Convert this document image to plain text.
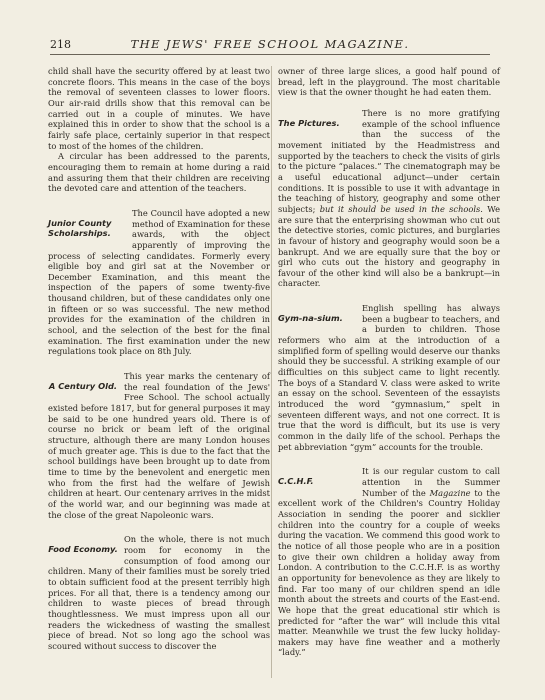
218	THE JEWS' FREE SCHOOL MAGAZINE.

child shall have the security offered by at least two concrete floors. This means in the case of the boys the removal of seventeen classes to lower floors. Our air-raid drills show that this removal can be carried out in a couple of minutes. We have explained this in order to show that the school is a fairly safe place, certainly superior in that respect to most of the homes of the children.

A circular has been addressed to the parents, encouraging them to remain at home during a raid and assuring them that their children are receiving the devoted care and attention of the teachers.

Junior County Scholarships.

The Council have adopted a new method of Examination for these awards, with the object apparently of improving the process of selecting candidates. Formerly every eligible boy and girl sat at the November or December Examination, and this meant the inspection of the papers of some twenty-five thousand children, but of these candidates only one in fifteen or so was successful. The new method provides for the examination of the children in school, and the selection of the best for the final examination. The first examination under the new regulations took place on 8th July.

A Century Old.

This year marks the centenary of the real foundation of the Jews' Free School. The school actually existed before 1817, but for general purposes it may be said to be one hundred years old. There is of course no brick or beam left of the original structure, although there are many London houses of much greater age. This is due to the fact that the school buildings have been brought up to date from time to time by the benevolent and energetic men who from the first had the welfare of Jewish children at heart. Our centenary arrives in the midst of the world war, and our beginning was made at the close of the great Napoleonic wars.

Food Economy.

On the whole, there is not much room for economy in the consumption of food among our children. Many of their families must be sorely tried to obtain sufficient food at the present terribly high prices. For all that, there is a tendency among our children to waste pieces of bread through thoughtlessness. We must impress upon all our readers the wickedness of wasting the smallest piece of bread. Not so long ago the school was scoured without success to discover the

owner of three large slices, a good half pound of bread, left in the playground. The most charitable view is that the owner thought he had eaten them.

The Pictures.

There is no more gratifying example of the school influence than the success of the movement initiated by the Headmistress and supported by the teachers to check the visits of girls to the picture “palaces.” The cinematograph may be a useful educational adjunct—under certain conditions. It is possible to use it with advantage in the teaching of history, geography and some other subjects; but it should be used in the schools. We are sure that the enterprising showman who cut out the detective stories, comic pictures, and burglaries in favour of history and geography would soon be a bankrupt. And we are equally sure that the boy or girl who cuts out the history and geography in favour of the other kind will also be a bankrupt—in character.

Gym-na-sium.

English spelling has always been a bugbear to teachers, and a burden to children. Those reformers who aim at the introduction of a simplified form of spelling would deserve our thanks should they be successful. A striking example of our difficulties on this subject came to light recently. The boys of a Standard V. class were asked to write an essay on the school. Seventeen of the essayists introduced the word “gymnasium,” spelt in seventeen different ways, and not one correct. It is true that the word is difficult, but its use is very common in the daily life of the school. Perhaps the pet abbreviation “gym” accounts for the trouble.

C.C.H.F.

It is our regular custom to call attention in the Summer Number of the Magazine to the excellent work of the Children's Country Holiday Association in sending the poorer and sicklier children into the country for a couple of weeks during the vacation. We commend this good work to the notice of all those people who are in a position to give their own children a holiday away from London. A contribution to the C.C.H.F. is as worthy an opportunity for benevolence as they are likely to find. Far too many of our children spend an idle month about the streets and courts of the East-end. We hope that the great educational stir which is predicted for “after the war” will include this vital matter. Meanwhile we trust the few lucky holiday-makers may have fine weather and a motherly “lady.”
